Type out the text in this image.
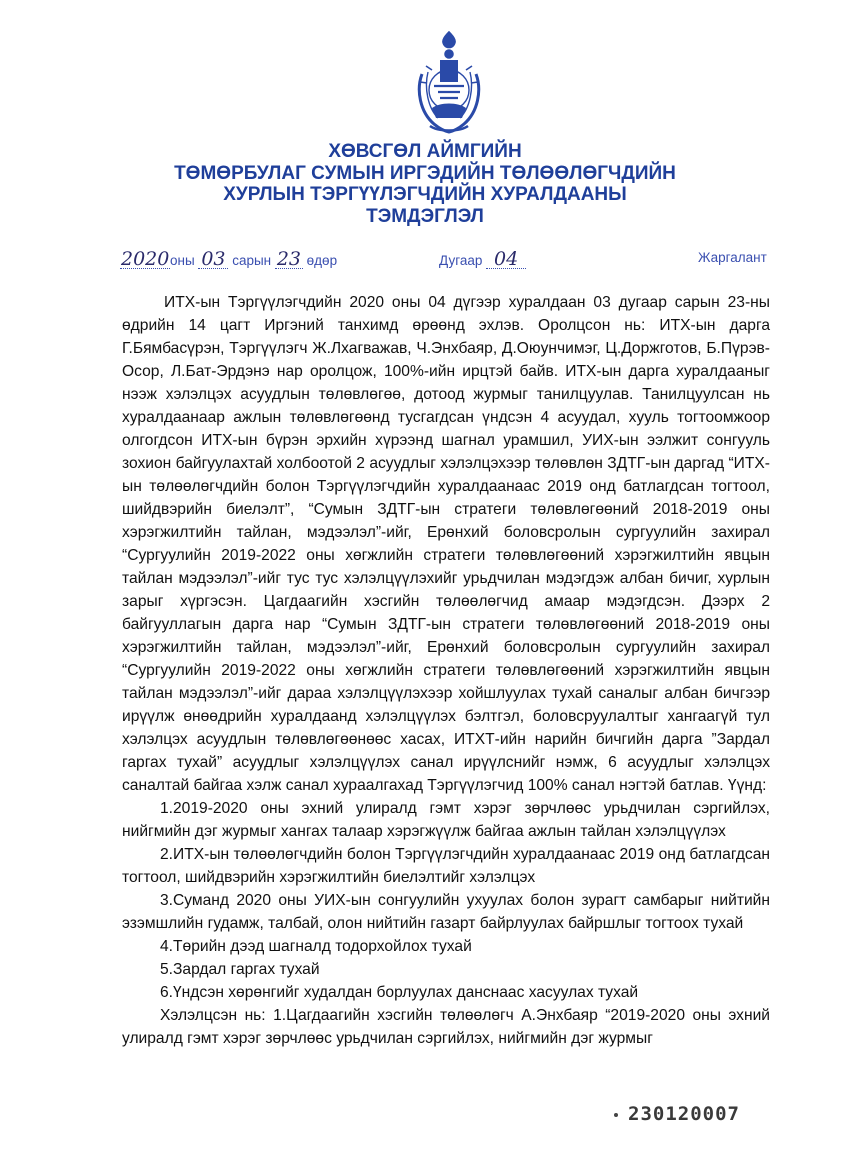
ХӨВСГӨЛ АЙМГИЙН
ТӨМӨРБУЛАГ СУМЫН ИРГЭДИЙН ТӨЛӨӨЛӨГЧДИЙН
ХУРЛЫН ТЭРГҮҮЛЭГЧДИЙН ХУРАЛДААНЫ
ТЭМДЭГЛЭЛ
2020оны 03 сарын 23 өдөр	Дугаар 04	Жаргалант

ИТХ-ын Тэргүүлэгчдийн 2020 оны 04 дүгээр хуралдаан 03 дугаар сарын 23-ны өдрийн 14 цагт Иргэний танхимд өрөөнд эхлэв. Оролцсон нь: ИТХ-ын дарга Г.Бямбасүрэн, Тэргүүлэгч Ж.Лхагважав, Ч.Энхбаяр, Д.Оюунчимэг, Ц.Доржготов, Б.Пүрэв-Осор, Л.Бат-Эрдэнэ нар оролцож, 100%-ийн ирцтэй байв. ИТХ-ын дарга хуралдааныг нээж хэлэлцэх асуудлын төлөвлөгөө, дотоод журмыг танилцуулав. Танилцуулсан нь хуралдаанаар ажлын төлөвлөгөөнд тусгагдсан үндсэн 4 асуудал, хууль тогтоомжоор олгогдсон ИТХ-ын бүрэн эрхийн хүрээнд шагнал урамшил, УИХ-ын ээлжит сонгууль зохион байгуулахтай холбоотой 2 асуудлыг хэлэлцэхээр төлөвлөн ЗДТГ-ын даргад “ИТХ-ын төлөөлөгчдийн болон Тэргүүлэгчдийн хуралдаанаас 2019 онд батлагдсан тогтоол, шийдвэрийн биелэлт”, “Сумын ЗДТГ-ын стратеги төлөвлөгөөний 2018-2019 оны хэрэгжилтийн тайлан, мэдээлэл”-ийг, Ерөнхий боловсролын сургуулийн захирал “Сургуулийн 2019-2022 оны хөгжлийн стратеги төлөвлөгөөний хэрэгжилтийн явцын тайлан мэдээлэл”-ийг тус тус хэлэлцүүлэхийг урьдчилан мэдэгдэж албан бичиг, хурлын зарыг хүргэсэн. Цагдаагийн хэсгийн төлөөлөгчид амаар мэдэгдсэн. Дээрх 2 байгууллагын дарга нар “Сумын ЗДТГ-ын стратеги төлөвлөгөөний 2018-2019 оны хэрэгжилтийн тайлан, мэдээлэл”-ийг, Ерөнхий боловсролын сургуулийн захирал “Сургуулийн 2019-2022 оны хөгжлийн стратеги төлөвлөгөөний хэрэгжилтийн явцын тайлан мэдээлэл”-ийг дараа хэлэлцүүлэхээр хойшлуулах тухай саналыг албан бичгээр ирүүлж өнөөдрийн хуралдаанд хэлэлцүүлэх бэлтгэл, боловсруулалтыг хангаагүй тул хэлэлцэх асуудлын төлөвлөгөөнөөс хасах, ИТХТ-ийн нарийн бичгийн дарга ”Зардал гаргах тухай” асуудлыг хэлэлцүүлэх санал ирүүлснийг нэмж, 6 асуудлыг хэлэлцэх саналтай байгаа хэлж санал хураалгахад Тэргүүлэгчид 100% санал нэгтэй батлав. Үүнд:

1.2019-2020 оны эхний улиралд гэмт хэрэг зөрчлөөс урьдчилан сэргийлэх, нийгмийн дэг журмыг хангах талаар хэрэгжүүлж байгаа ажлын тайлан хэлэлцүүлэх

2.ИТХ-ын төлөөлөгчдийн болон Тэргүүлэгчдийн хуралдаанаас 2019 онд батлагдсан тогтоол, шийдвэрийн хэрэгжилтийн биелэлтийг хэлэлцэх

3.Суманд 2020 оны УИХ-ын сонгуулийн ухуулах болон зурагт самбарыг нийтийн эзэмшлийн гудамж, талбай, олон нийтийн газарт байрлуулах байршлыг тогтоох тухай

4.Төрийн дээд шагналд тодорхойлох тухай

5.Зардал гаргах тухай

6.Үндсэн хөрөнгийг худалдан борлуулах данснаас хасуулах тухай

Хэлэлцсэн нь: 1.Цагдаагийн хэсгийн төлөөлөгч А.Энхбаяр “2019-2020 оны эхний улиралд гэмт хэрэг зөрчлөөс урьдчилан сэргийлэх, нийгмийн дэг журмыг

230120007
